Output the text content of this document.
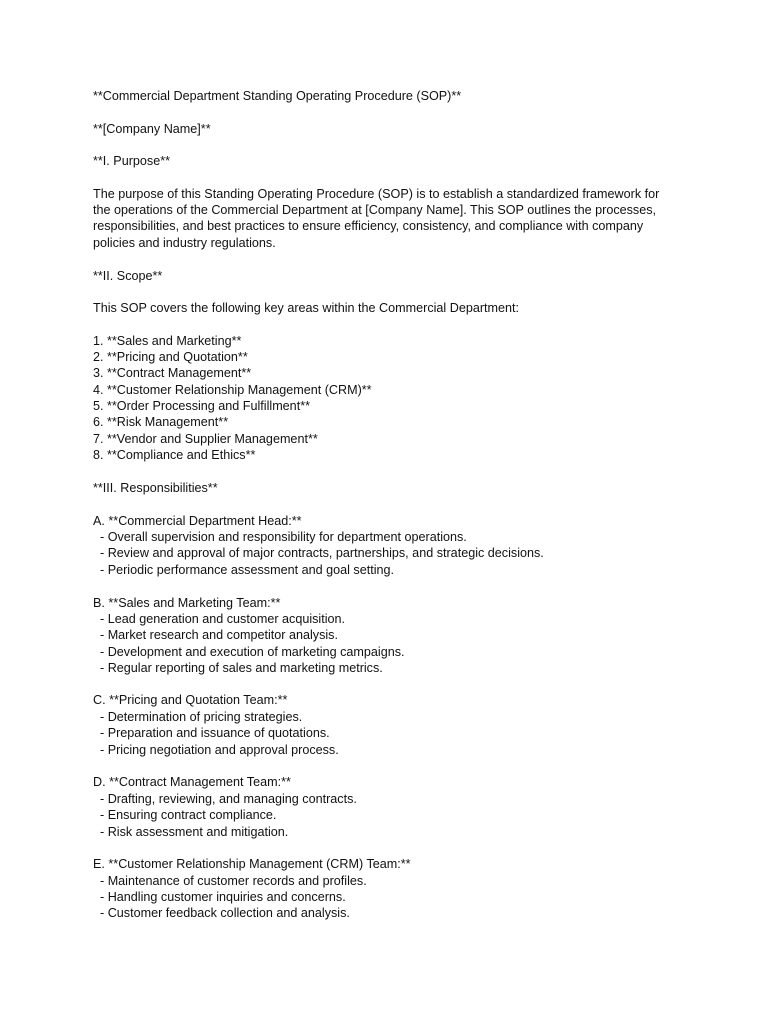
**Commercial Department Standing Operating Procedure (SOP)**

**[Company Name]**

**I. Purpose**

The purpose of this Standing Operating Procedure (SOP) is to establish a standardized framework for

the operations of the Commercial Department at [Company Name]. This SOP outlines the processes,

responsibilities, and best practices to ensure efficiency, consistency, and compliance with company

policies and industry regulations.

**II. Scope**

This SOP covers the following key areas within the Commercial Department:

1. **Sales and Marketing**

2. **Pricing and Quotation**

3. **Contract Management**

4. **Customer Relationship Management (CRM)**

5. **Order Processing and Fulfillment**

6. **Risk Management**

7. **Vendor and Supplier Management**

8. **Compliance and Ethics**

**III. Responsibilities**

A. **Commercial Department Head:**

- Overall supervision and responsibility for department operations.

- Review and approval of major contracts, partnerships, and strategic decisions.

- Periodic performance assessment and goal setting.

B. **Sales and Marketing Team:**

- Lead generation and customer acquisition.

- Market research and competitor analysis.

- Development and execution of marketing campaigns.

- Regular reporting of sales and marketing metrics.

C. **Pricing and Quotation Team:**

- Determination of pricing strategies.

- Preparation and issuance of quotations.

- Pricing negotiation and approval process.

D. **Contract Management Team:**

- Drafting, reviewing, and managing contracts.

- Ensuring contract compliance.

- Risk assessment and mitigation.

E. **Customer Relationship Management (CRM) Team:**

- Maintenance of customer records and profiles.

- Handling customer inquiries and concerns.

- Customer feedback collection and analysis.
